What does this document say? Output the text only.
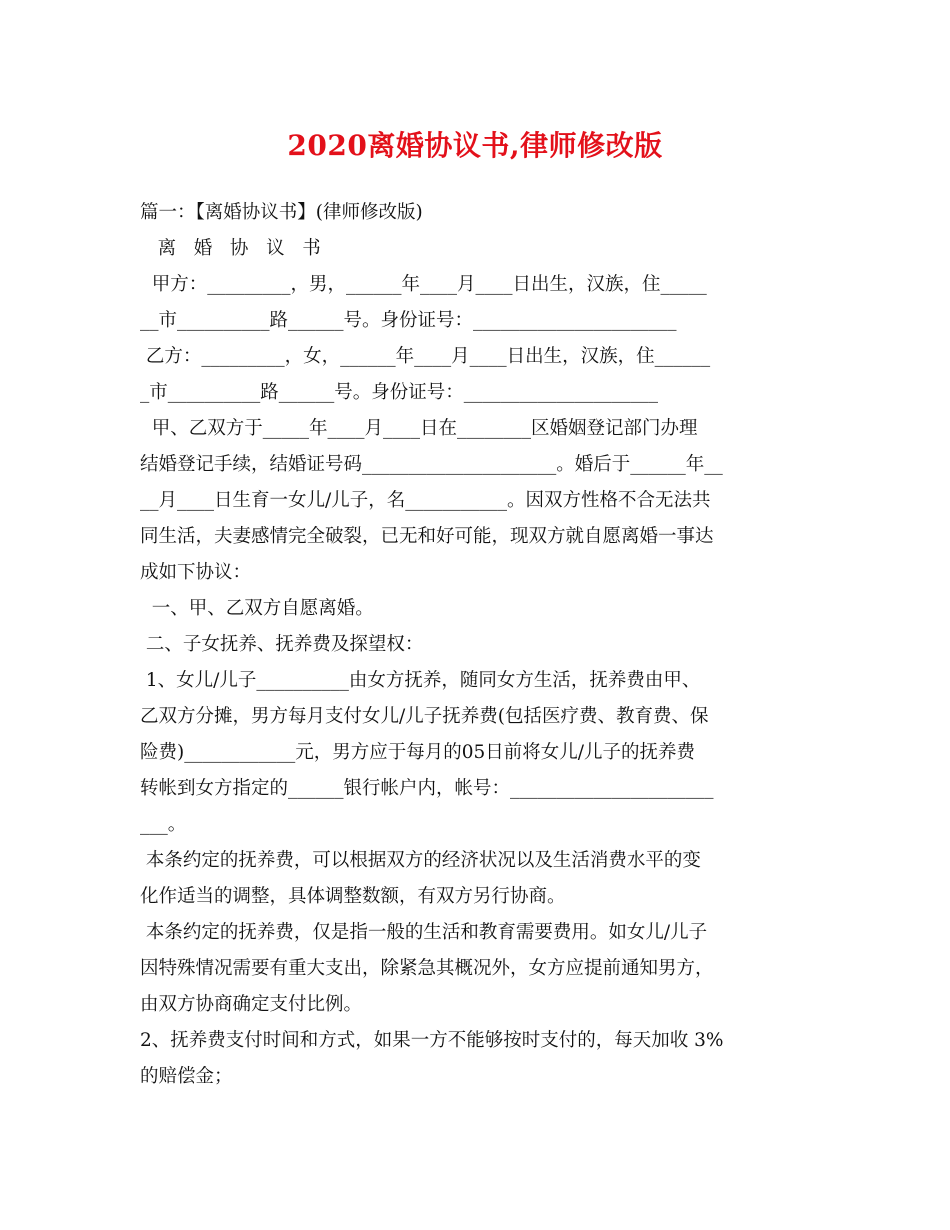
2020离婚协议书,律师修改版
篇一：【离婚协议书】(律师修改版)
离   婚   协   议   书
甲方：_________，男，______年____月____日出生，汉族，住_____
__市__________路______号。身份证号：______________________
乙方：_________，女，______年____月____日出生，汉族，住______
_市__________路______号。身份证号：_____________________
甲、乙双方于_____年____月____日在________区婚姻登记部门办理
结婚登记手续，结婚证号码_____________________。婚后于______年__
__月____日生育一女儿/儿子，名___________。因双方性格不合无法共
同生活，夫妻感情完全破裂，已无和好可能，现双方就自愿离婚一事达
成如下协议：
一、甲、乙双方自愿离婚。
二、子女抚养、抚养费及探望权：
1、女儿/儿子__________由女方抚养，随同女方生活，抚养费由甲、
乙双方分摊，男方每月支付女儿/儿子抚养费(包括医疗费、教育费、保
险费)____________元，男方应于每月的05日前将女儿/儿子的抚养费
转帐到女方指定的______银行帐户内，帐号：______________________
___。
本条约定的抚养费，可以根据双方的经济状况以及生活消费水平的变
化作适当的调整，具体调整数额，有双方另行协商。
本条约定的抚养费，仅是指一般的生活和教育需要费用。如女儿/儿子
因特殊情况需要有重大支出，除紧急其概况外，女方应提前通知男方，
由双方协商确定支付比例。
2、抚养费支付时间和方式，如果一方不能够按时支付的，每天加收 3%
的赔偿金；
